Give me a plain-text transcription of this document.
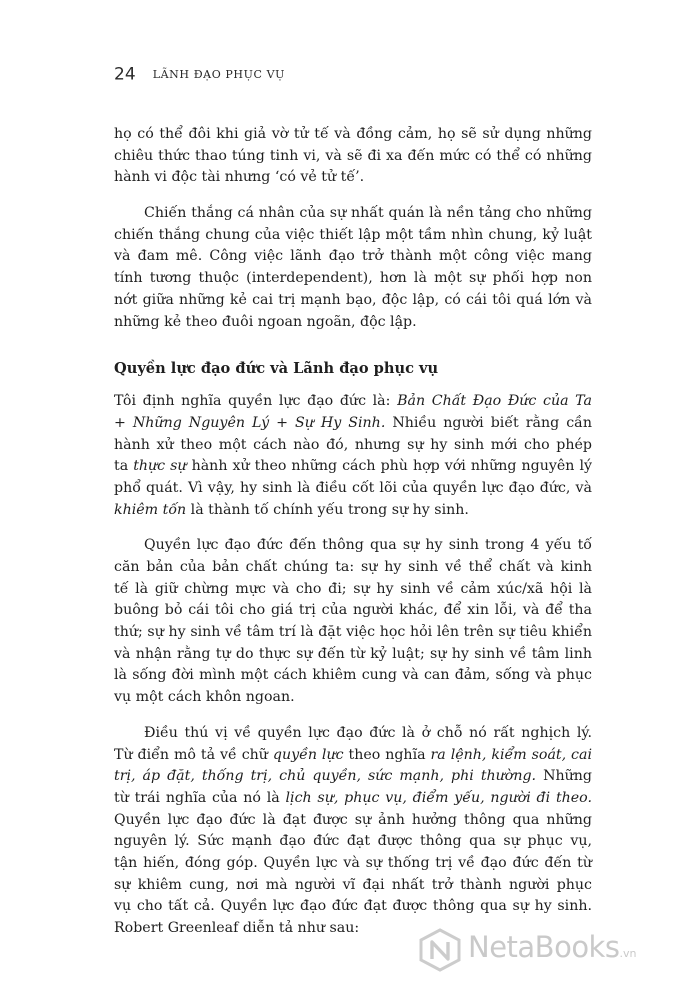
24 LÃNH ĐẠO PHỤC VỤ
họ có thể đôi khi giả vờ tử tế và đồng cảm, họ sẽ sử dụng những
chiêu thức thao túng tinh vi, và sẽ đi xa đến mức có thể có những
hành vi độc tài nhưng ‘có vẻ tử tế’.
Chiến thắng cá nhân của sự nhất quán là nền tảng cho những
chiến thắng chung của việc thiết lập một tầm nhìn chung, kỷ luật
và đam mê. Công việc lãnh đạo trở thành một công việc mang
tính tương thuộc (interdependent), hơn là một sự phối hợp non
nớt giữa những kẻ cai trị mạnh bạo, độc lập, có cái tôi quá lớn và
những kẻ theo đuôi ngoan ngoãn, độc lập.
Quyền lực đạo đức và Lãnh đạo phục vụ
Tôi định nghĩa quyền lực đạo đức là: Bản Chất Đạo Đức của Ta
+ Những Nguyên Lý + Sự Hy Sinh. Nhiều người biết rằng cần
hành xử theo một cách nào đó, nhưng sự hy sinh mới cho phép
ta thực sự hành xử theo những cách phù hợp với những nguyên lý
phổ quát. Vì vậy, hy sinh là điều cốt lõi của quyền lực đạo đức, và
khiêm tốn là thành tố chính yếu trong sự hy sinh.
Quyền lực đạo đức đến thông qua sự hy sinh trong 4 yếu tố
căn bản của bản chất chúng ta: sự hy sinh về thể chất và kinh
tế là giữ chừng mực và cho đi; sự hy sinh về cảm xúc/xã hội là
buông bỏ cái tôi cho giá trị của người khác, để xin lỗi, và để tha
thứ; sự hy sinh về tâm trí là đặt việc học hỏi lên trên sự tiêu khiển
và nhận rằng tự do thực sự đến từ kỷ luật; sự hy sinh về tâm linh
là sống đời mình một cách khiêm cung và can đảm, sống và phục
vụ một cách khôn ngoan.
Điều thú vị về quyền lực đạo đức là ở chỗ nó rất nghịch lý.
Từ điển mô tả về chữ quyền lực theo nghĩa ra lệnh, kiểm soát, cai
trị, áp đặt, thống trị, chủ quyền, sức mạnh, phi thường. Những
từ trái nghĩa của nó là lịch sự, phục vụ, điểm yếu, người đi theo.
Quyền lực đạo đức là đạt được sự ảnh hưởng thông qua những
nguyên lý. Sức mạnh đạo đức đạt được thông qua sự phục vụ,
tận hiến, đóng góp. Quyền lực và sự thống trị về đạo đức đến từ
sự khiêm cung, nơi mà người vĩ đại nhất trở thành người phục
vụ cho tất cả. Quyền lực đạo đức đạt được thông qua sự hy sinh.
Robert Greenleaf diễn tả như sau:
NetaBooks.vn
